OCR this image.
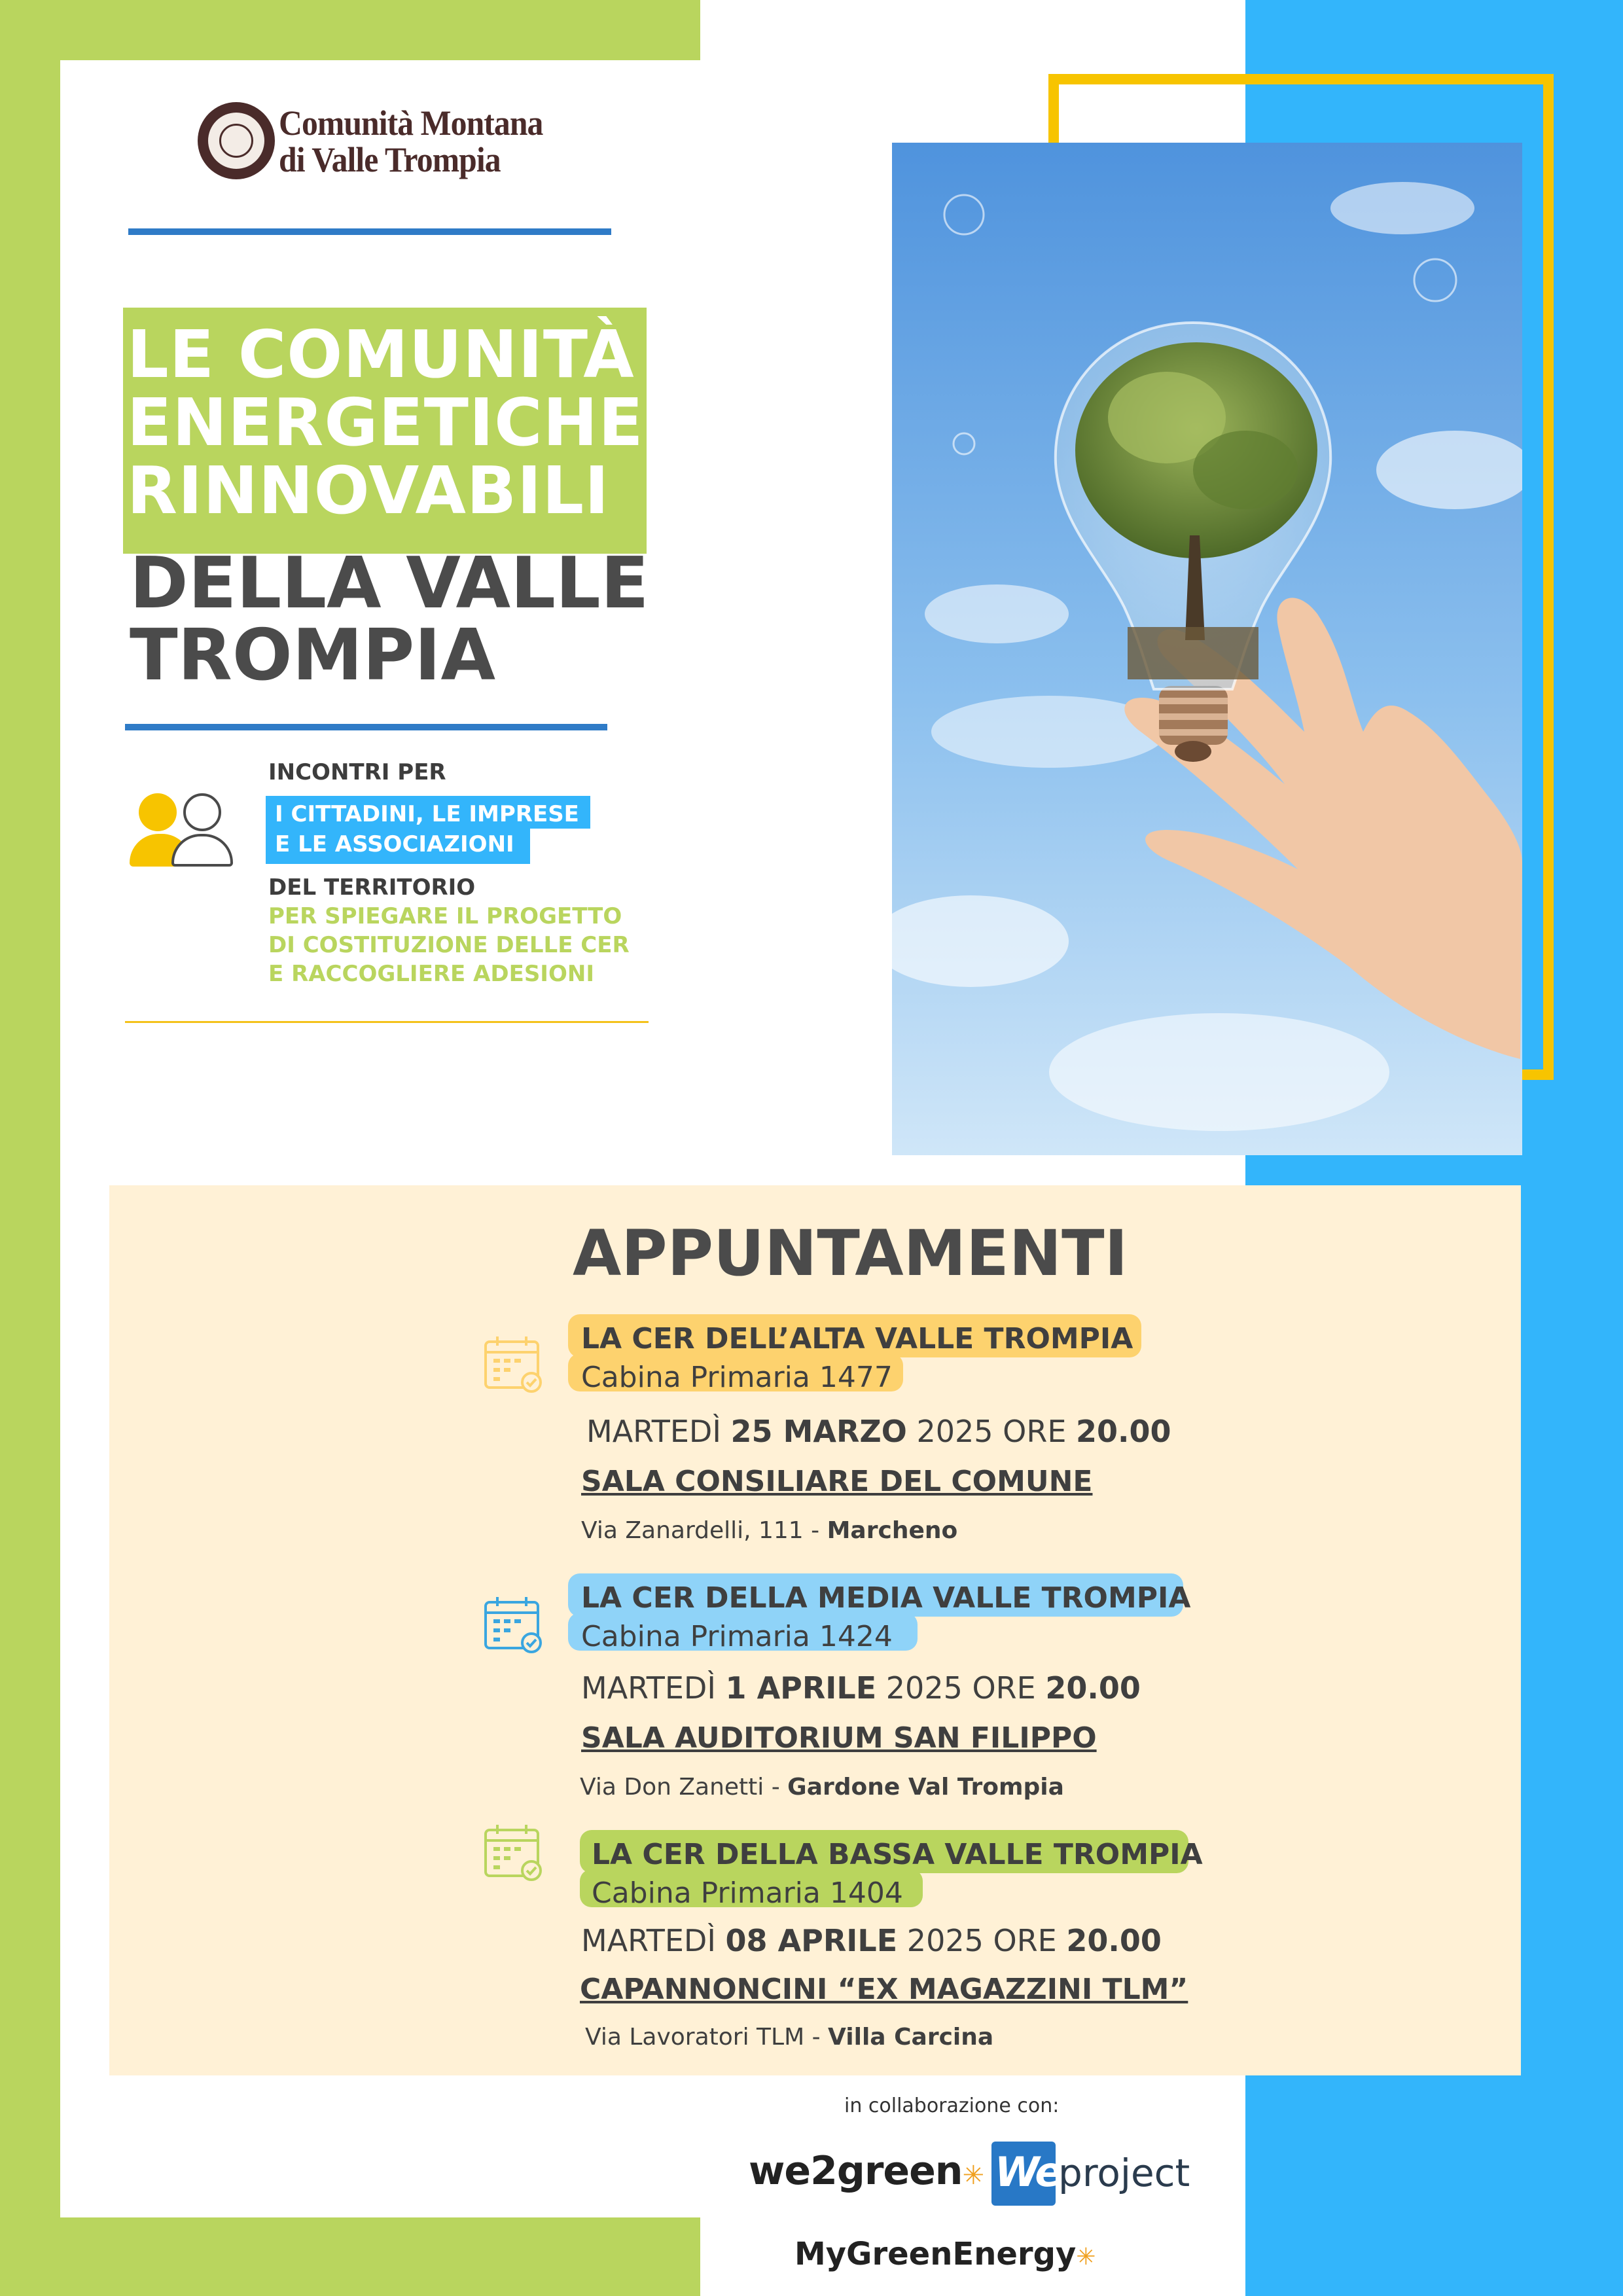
Comunità Montana
di Valle Trompia
LE COMUNITÀ
ENERGETICHE
RINNOVABILI
DELLA VALLE
TROMPIA
INCONTRI PER
I CITTADINI, LE IMPRESE
E LE ASSOCIAZIONI
DEL TERRITORIO
PER SPIEGARE IL PROGETTO
DI COSTITUZIONE DELLE CER
E RACCOGLIERE ADESIONI
APPUNTAMENTI
LA CER DELL’ALTA VALLE TROMPIA
Cabina Primaria 1477
MARTEDÌ 25 MARZO 2025 ORE 20.00
SALA CONSILIARE DEL COMUNE
Via Zanardelli, 111 - Marcheno
LA CER DELLA MEDIA VALLE TROMPIA
Cabina Primaria 1424
MARTEDÌ 1 APRILE 2025 ORE 20.00
SALA AUDITORIUM SAN FILIPPO
Via Don Zanetti - Gardone Val Trompia
LA CER DELLA BASSA VALLE TROMPIA
Cabina Primaria 1404
MARTEDÌ 08 APRILE 2025 ORE 20.00
CAPANNONCINI “EX MAGAZZINI TLM”
Via Lavoratori TLM - Villa Carcina
in collaborazione con:
we2green✳ We
project
MyGreenEnergy✳
